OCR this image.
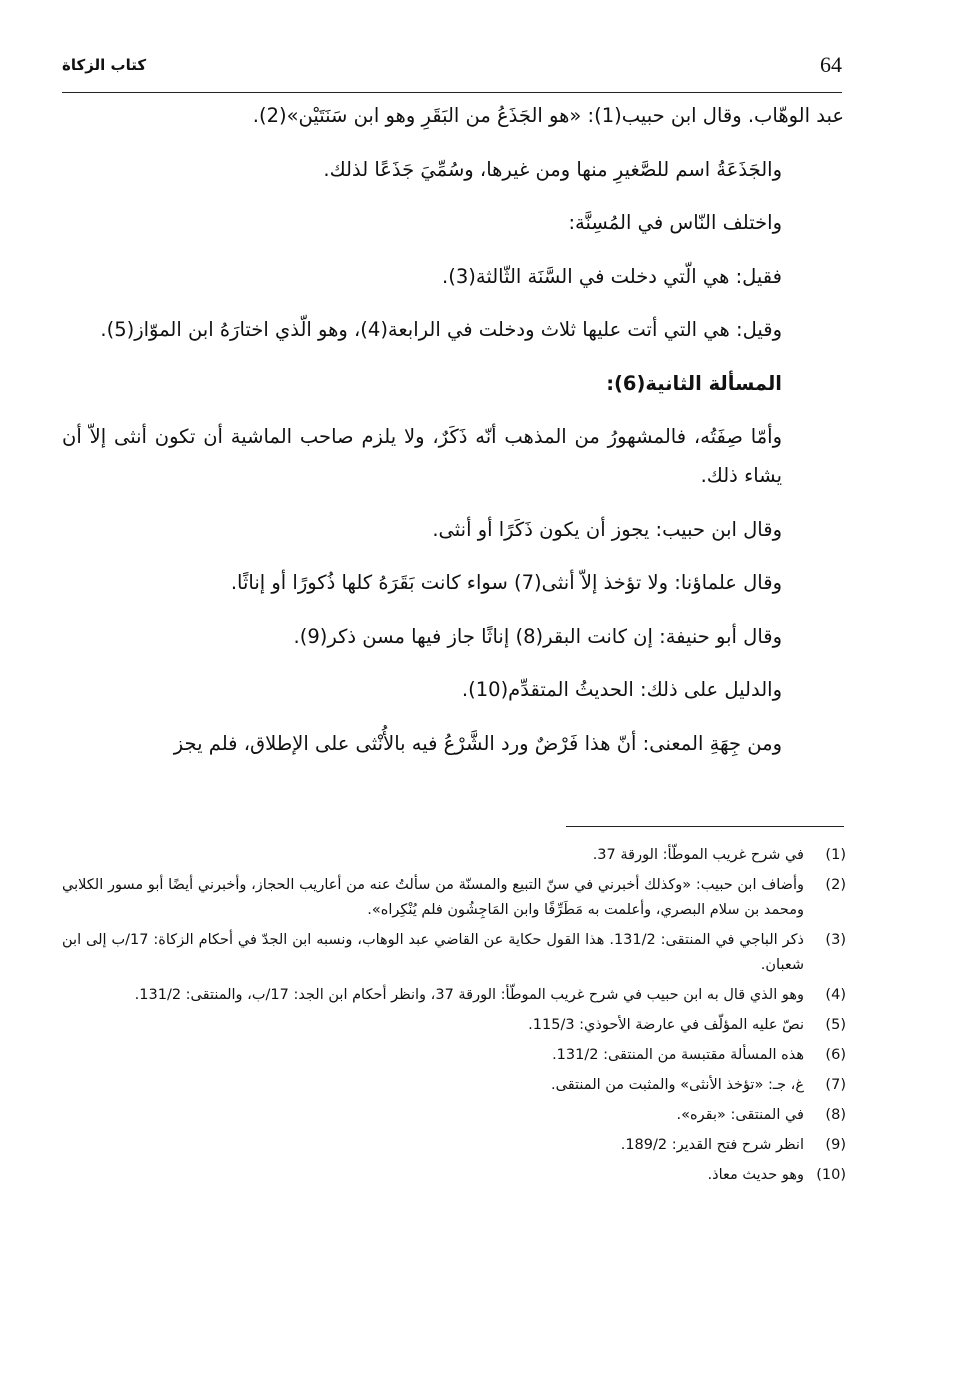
64
كتاب الزكاة

عبد الوهّاب. وقال ابن حبيب(1): «هو الجَذَعُ من البَقَرِ وهو ابن سَنَتَيْن»(2).

والجَذَعَةُ اسم للصَّغيرِ منها ومن غيرها، وسُمِّيَ جَذَعًا لذلك.

واختلف النّاس في المُسِنَّة:

فقيل: هي الّتي دخلت في السَّنَة الثّالثة(3).

وقيل: هي التي أتت عليها ثلاث ودخلت في الرابعة(4)، وهو الّذي اختارَهُ ابن الموّاز(5).

المسألة الثانية(6):

وأمّا صِفَتُه، فالمشهورُ من المذهب أنّه ذَكَرٌ، ولا يلزم صاحب الماشية أن تكون أنثى إلاّ أن يشاء ذلك.

وقال ابن حبيب: يجوز أن يكون ذَكَرًا أو أنثى.

وقال علماؤنا: ولا تؤخذ إلاّ أنثى(7) سواء كانت بَقَرَهُ كلها ذُكورًا أو إناثًا.

وقال أبو حنيفة: إن كانت البقر(8) إناثًا جاز فيها مسن ذكر(9).

والدليل على ذلك: الحديثُ المتقدِّم(10).

ومن جِهَةِ المعنى: أنّ هذا فَرْضٌ ورد الشَّرْعُ فيه بالأُنْثى على الإطلاق، فلم يجز

(1)
في شرح غريب الموطّأ: الورقة 37.
(2)
وأضاف ابن حبيب: «وكذلك أخبرني في سنّ التبيع والمسنّة من سألتُ عنه من أعاريب الحجاز، وأخبرني أيضًا أبو مسور الكلابي ومحمد بن سلام البصري، وأعلمت به مَطَرِّفًا وابن المَاجِشُون فلم يُنْكِراه».
(3)
ذكر الباجي في المنتقى: 131/2. هذا القول حكاية عن القاضي عبد الوهاب، ونسبه ابن الجدّ في أحكام الزكاة: 17/ب إلى ابن شعبان.
(4)
وهو الذي قال به ابن حبيب في شرح غريب الموطّأ: الورقة 37، وانظر أحكام ابن الجد: 17/ب، والمنتقى: 131/2.
(5)
نصّ عليه المؤلّف في عارضة الأحوذي: 115/3.
(6)
هذه المسألة مقتبسة من المنتقى: 131/2.
(7)
غ، جـ: «تؤخذ الأنثى» والمثبت من المنتقى.
(8)
في المنتقى: «بقره».
(9)
انظر شرح فتح القدير: 189/2.
(10)
وهو حديث معاذ.
